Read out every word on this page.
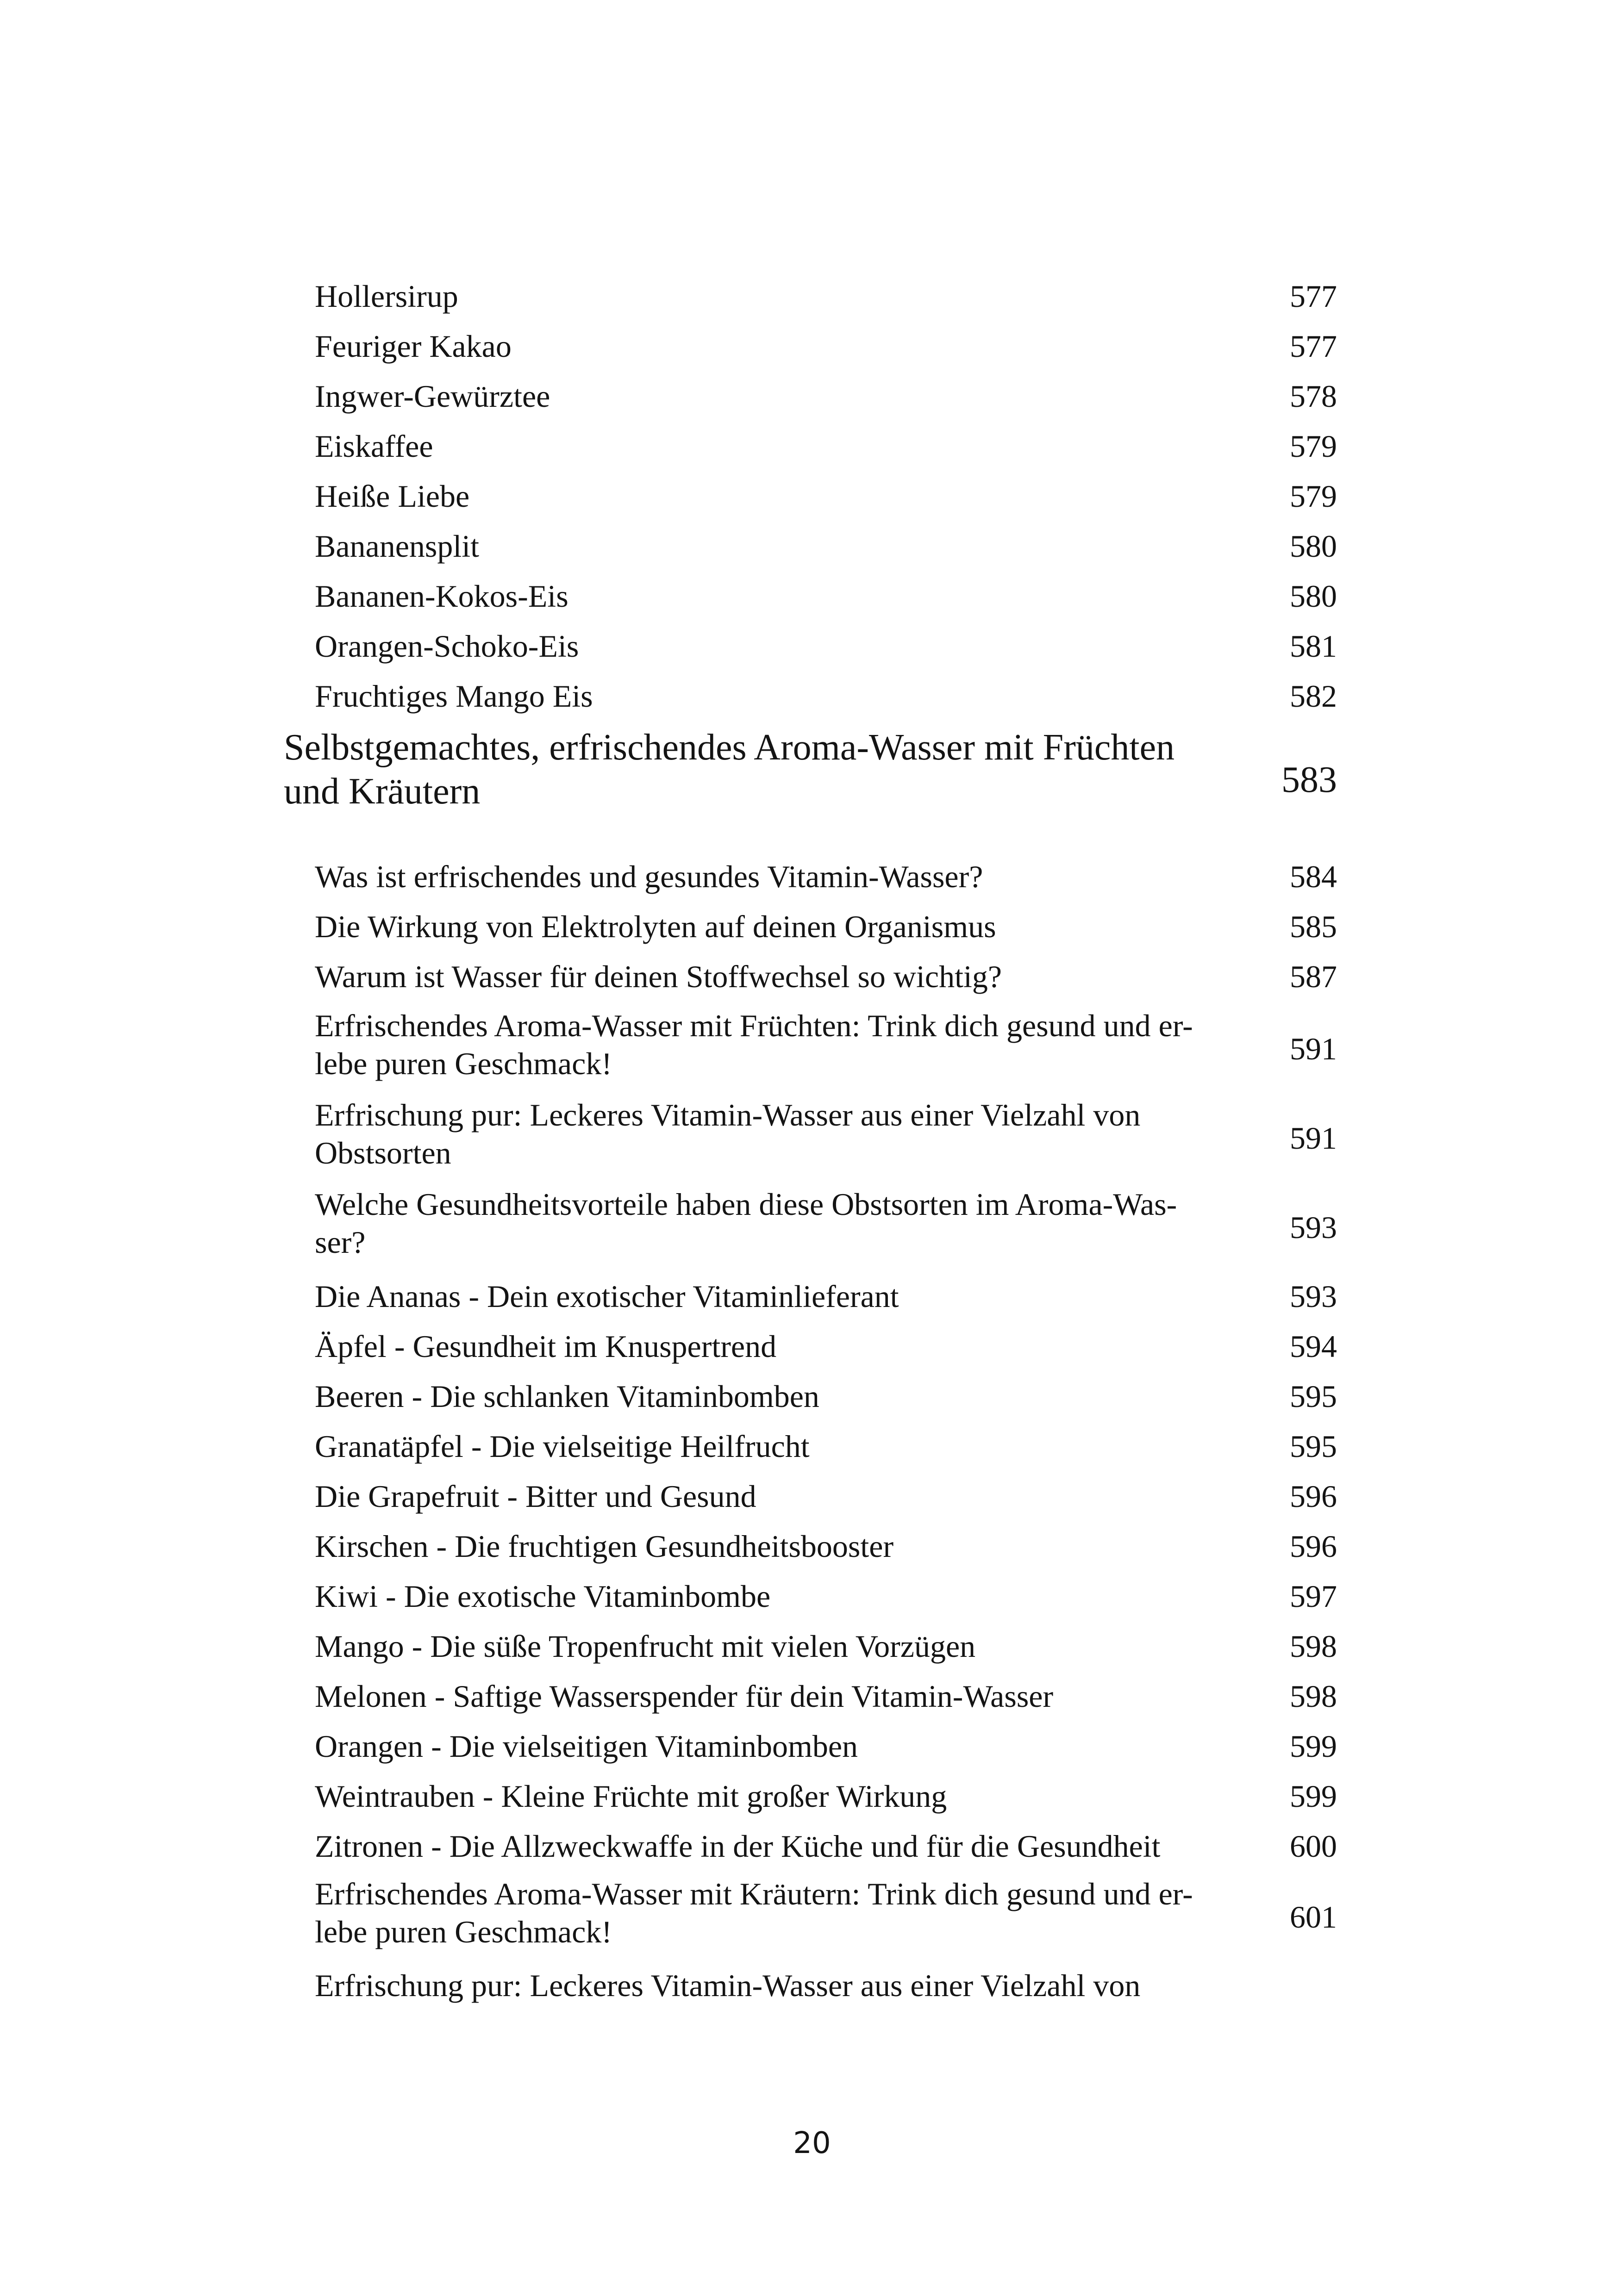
Hollersirup	577
Feuriger Kakao	577
Ingwer-Gewürztee	578
Eiskaffee	579
Heiße Liebe	579
Bananensplit	580
Bananen-Kokos-Eis	580
Orangen-Schoko-Eis	581
Fruchtiges Mango Eis	582
Selbstgemachtes, erfrischendes Aroma-Wasser mit Früchten
und Kräutern	583
Was ist erfrischendes und gesundes Vitamin-Wasser?	584
Die Wirkung von Elektrolyten auf deinen Organismus	585
Warum ist Wasser für deinen Stoffwechsel so wichtig?	587
Erfrischendes Aroma-Wasser mit Früchten: Trink dich gesund und er-
lebe puren Geschmack!	591
Erfrischung pur: Leckeres Vitamin-Wasser aus einer Vielzahl von
Obstsorten	591
Welche Gesundheitsvorteile haben diese Obstsorten im Aroma-Was-
ser?	593
Die Ananas - Dein exotischer Vitaminlieferant	593
Äpfel - Gesundheit im Knuspertrend	594
Beeren - Die schlanken Vitaminbomben	595
Granatäpfel - Die vielseitige Heilfrucht	595
Die Grapefruit - Bitter und Gesund	596
Kirschen - Die fruchtigen Gesundheitsbooster	596
Kiwi - Die exotische Vitaminbombe	597
Mango - Die süße Tropenfrucht mit vielen Vorzügen	598
Melonen - Saftige Wasserspender für dein Vitamin-Wasser	598
Orangen - Die vielseitigen Vitaminbomben	599
Weintrauben - Kleine Früchte mit großer Wirkung	599
Zitronen - Die Allzweckwaffe in der Küche und für die Gesundheit	600
Erfrischendes Aroma-Wasser mit Kräutern: Trink dich gesund und er-
lebe puren Geschmack!	601
Erfrischung pur: Leckeres Vitamin-Wasser aus einer Vielzahl von
20
